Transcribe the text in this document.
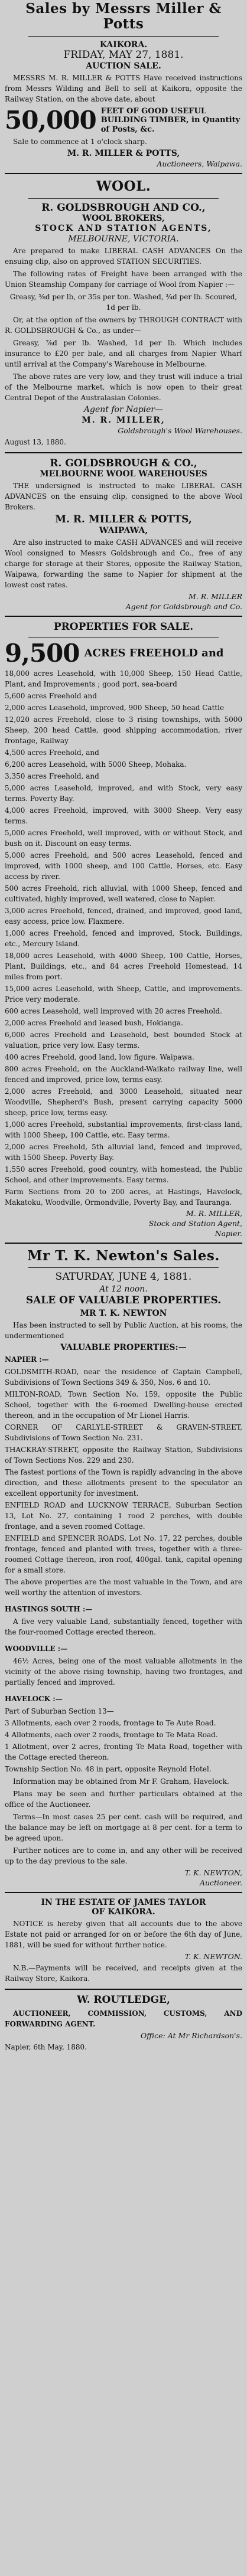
Sales by Messrs Miller & Potts
KAIKORA.
FRIDAY, MAY 27, 1881.
AUCTION SALE.

MESSRS M. R. MILLER & POTTS Have received instructions from Messrs Wilding and Bell to sell at Kaikora, opposite the Railway Station, on the above date, about

50,000 FEET OF GOOD USEFUL BUILDING TIMBER, in Quantity of Posts, &c.

Sale to commence at 1 o'clock sharp.

M. R. MILLER & POTTS,
Auctioneers, Waipawa.
WOOL.
R. GOLDSBROUGH AND CO.,
WOOL BROKERS,
STOCK AND STATION AGENTS,
MELBOURNE, VICTORIA.

Are prepared to make LIBERAL CASH ADVANCES On the ensuing clip, also on approved STATION SECURITIES.

The following rates of Freight have been arranged with the Union Steamship Company for carriage of Wool from Napier :—

Greasy, ⅝d per lb, or 35s per ton. Washed, ¾d per lb. Scoured, 1d per lb.

Or, at the option of the owners by THROUGH CONTRACT with R. GOLDSBROUGH & Co., as under—

Greasy, ⅞d per lb. Washed, 1d per lb. Which includes insurance to £20 per bale, and all charges from Napier Wharf until arrival at the Company's Warehouse in Melbourne.

The above rates are very low, and they trust will induce a trial of the Melbourne market, which is now open to their great Central Depot of the Australasian Colonies.

Agent for Napier—
M. R. MILLER,
Goldsbrough's Wool Warehouses.
August 13, 1880.
R. GOLDSBROUGH & CO.,
MELBOURNE WOOL WAREHOUSES

THE undersigned is instructed to make LIBERAL CASH ADVANCES on the ensuing clip, consigned to the above Wool Brokers.

M. R. MILLER & POTTS,
WAIPAWA,

Are also instructed to make CASH ADVANCES and will receive Wool consigned to Messrs Goldsbrough and Co., free of any charge for storage at their Stores, opposite the Railway Station, Waipawa, forwarding the same to Napier for shipment at the lowest cost rates.

M. R. MILLER
Agent for Goldsbrough and Co.
PROPERTIES FOR SALE.
9,500 ACRES FREEHOLD and

18,000 acres Leasehold, with 10,000 Sheep, 150 Head Cattle, Plant, and Improvements ; good port, sea-board

5,600 acres Freehold and

2,000 acres Leasehold, improved, 900 Sheep, 50 head Cattle

12,020 acres Freehold, close to 3 rising townships, with 5000 Sheep, 200 head Cattle, good shipping accommodation, river frontage, Railway

4,500 acres Freehold, and

6,200 acres Leasehold, with 5000 Sheep, Mohaka.

3,350 acres Freehold, and

5,000 acres Leasehold, improved, and with Stock, very easy terms. Poverty Bay.

4,000 acres Freehold, improved, with 3000 Sheep. Very easy terms.

5,000 acres Freehold, well improved, with or without Stock, and bush on it. Discount on easy terms.

5,000 acres Freehold, and 500 acres Leasehold, fenced and improved, with 1000 sheep, and 100 Cattle, Horses, etc. Easy access by river.

500 acres Freehold, rich alluvial, with 1000 Sheep, fenced and cultivated, highly improved, well watered, close to Napier.

3,000 acres Freehold, fenced, drained, and improved, good land, easy access, price low. Flaxmere.

1,000 acres Freehold, fenced and improved, Stock, Buildings, etc., Mercury Island.

18,000 acres Leasehold, with 4000 Sheep, 100 Cattle, Horses, Plant, Buildings, etc., and 84 acres Freehold Homestead, 14 miles from port.

15,000 acres Leasehold, with Sheep, Cattle, and improvements. Price very moderate.

600 acres Leasehold, well improved with 20 acres Freehold.

2,000 acres Freehold and leased bush, Hokianga.

6,000 acres Freehold and Leasehold, best bounded Stock at valuation, price very low. Easy terms.

400 acres Freehold, good land, low figure. Waipawa.

800 acres Freehold, on the Auckland-Waikato railway line, well fenced and improved, price low, terms easy.

2,000 acres Freehold, and 3000 Leasehold, situated near Woodville, Shepherd's Bush, present carrying capacity 5000 sheep, price low, terms easy.

1,000 acres Freehold, substantial improvements, first-class land, with 1000 Sheep, 100 Cattle, etc. Easy terms.

2,000 acres Freehold, 5th alluvial land, fenced and improved, with 1500 Sheep. Poverty Bay.

1,550 acres Freehold, good country, with homestead, the Public School, and other improvements. Easy terms.

Farm Sections from 20 to 200 acres, at Hastings, Havelock, Makatoku, Woodville, Ormondville, Poverty Bay, and Tauranga.

M. R. MILLER,
Stock and Station Agent,
Napier.
Mr T. K. Newton's Sales.
SATURDAY, JUNE 4, 1881.
At 12 noon.
SALE OF VALUABLE PROPERTIES.
MR T. K. NEWTON

Has been instructed to sell by Public Auction, at his rooms, the undermentioned

VALUABLE PROPERTIES:—
NAPIER :—

GOLDSMITH-ROAD, near the residence of Captain Campbell, Subdivisions of Town Sections 349 & 350, Nos. 6 and 10.

MILTON-ROAD, Town Section No. 159, opposite the Public School, together with the 6-roomed Dwelling-house erected thereon, and in the occupation of Mr Lionel Harris.

CORNER OF CARLYLE-STREET & GRAVEN-STREET, Subdivisions of Town Section No. 231.

THACKRAY-STREET, opposite the Railway Station, Subdivisions of Town Sections Nos. 229 and 230.

The fastest portions of the Town is rapidly advancing in the above direction, and these allotments present to the speculator an excellent opportunity for investment.

ENFIELD ROAD and LUCKNOW TERRACE, Suburban Section 13, Lot No. 27, containing 1 rood 2 perches, with double frontage, and a seven roomed Cottage.

ENFIELD and SPENCER ROADS, Lot No. 17, 22 perches, double frontage, fenced and planted with trees, together with a three-roomed Cottage thereon, iron roof, 400gal. tank, capital opening for a small store.

The above properties are the most valuable in the Town, and are well worthy the attention of investors.

HASTINGS SOUTH :—

A five very valuable Land, substantially fenced, together with the four-roomed Cottage erected thereon.

WOODVILLE :—

46½ Acres, being one of the most valuable allotments in the vicinity of the above rising township, having two frontages, and partially fenced and improved.

HAVELOCK :—

Part of Suburban Section 13—

3 Allotments, each over 2 roods, frontage to Te Aute Road.

4 Allotments, each over 2 roods, frontage to Te Mata Road.

1 Allotment, over 2 acres, fronting Te Mata Road, together with the Cottage erected thereon.

Township Section No. 48 in part, opposite Reynold Hotel.

Information may be obtained from Mr F. Graham, Havelock.

Plans may be seen and further particulars obtained at the office of the Auctioneer.

Terms—In most cases 25 per cent. cash will be required, and the balance may be left on mortgage at 8 per cent. for a term to be agreed upon.

Further notices are to come in, and any other will be received up to the day previous to the sale.

T. K. NEWTON,
Auctioneer.
IN THE ESTATE OF JAMES TAYLOR
OF KAIKORA.

NOTICE is hereby given that all accounts due to the above Estate not paid or arranged for on or before the 6th day of June, 1881, will be sued for without further notice.

T. K. NEWTON.

N.B.—Payments will be received, and receipts given at the Railway Store, Kaikora.

W. ROUTLEDGE,

AUCTIONEER, COMMISSION, CUSTOMS, AND FORWARDING AGENT.

Office: At Mr Richardson's.
Napier, 6th May, 1880.
